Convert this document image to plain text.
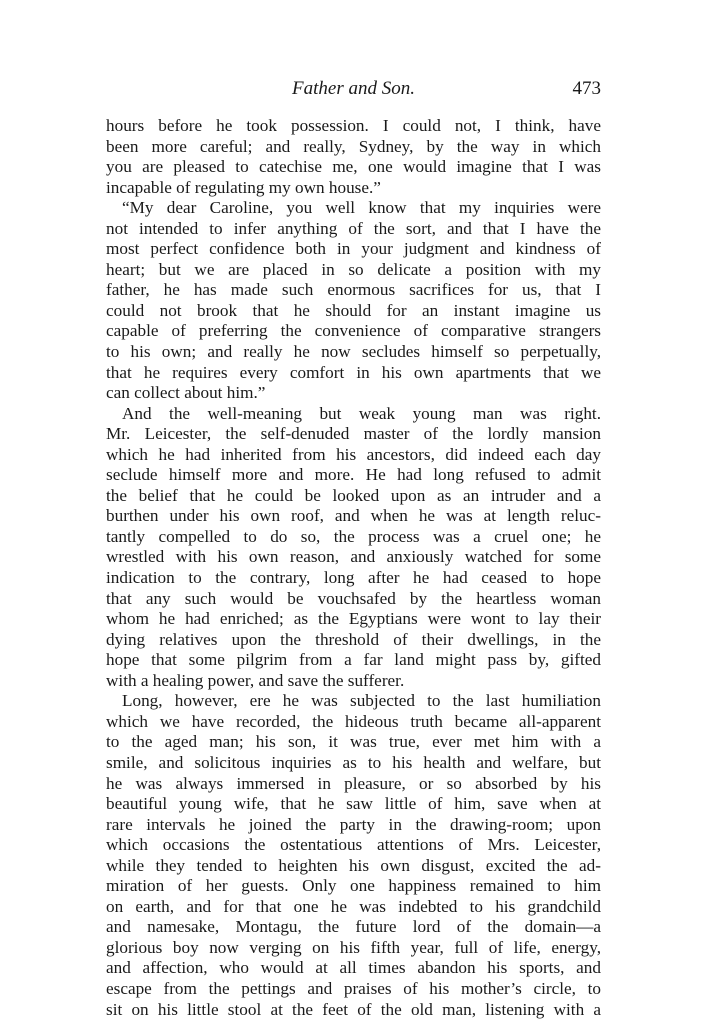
Father and Son.	473
hours before he took possession. I could not, I think, have
been more careful; and really, Sydney, by the way in which
you are pleased to catechise me, one would imagine that I was
incapable of regulating my own house.”
“My dear Caroline, you well know that my inquiries were
not intended to infer anything of the sort, and that I have the
most perfect confidence both in your judgment and kindness of
heart; but we are placed in so delicate a position with my
father, he has made such enormous sacrifices for us, that I
could not brook that he should for an instant imagine us
capable of preferring the convenience of comparative strangers
to his own; and really he now secludes himself so perpetually,
that he requires every comfort in his own apartments that we
can collect about him.”
And the well-meaning but weak young man was right.
Mr. Leicester, the self-denuded master of the lordly mansion
which he had inherited from his ancestors, did indeed each day
seclude himself more and more. He had long refused to admit
the belief that he could be looked upon as an intruder and a
burthen under his own roof, and when he was at length reluc-
tantly compelled to do so, the process was a cruel one; he
wrestled with his own reason, and anxiously watched for some
indication to the contrary, long after he had ceased to hope
that any such would be vouchsafed by the heartless woman
whom he had enriched; as the Egyptians were wont to lay their
dying relatives upon the threshold of their dwellings, in the
hope that some pilgrim from a far land might pass by, gifted
with a healing power, and save the sufferer.
Long, however, ere he was subjected to the last humiliation
which we have recorded, the hideous truth became all-apparent
to the aged man; his son, it was true, ever met him with a
smile, and solicitous inquiries as to his health and welfare, but
he was always immersed in pleasure, or so absorbed by his
beautiful young wife, that he saw little of him, save when at
rare intervals he joined the party in the drawing-room; upon
which occasions the ostentatious attentions of Mrs. Leicester,
while they tended to heighten his own disgust, excited the ad-
miration of her guests. Only one happiness remained to him
on earth, and for that one he was indebted to his grandchild
and namesake, Montagu, the future lord of the domain—a
glorious boy now verging on his fifth year, full of life, energy,
and affection, who would at all times abandon his sports, and
escape from the pettings and praises of his mother’s circle, to
sit on his little stool at the feet of the old man, listening with a
